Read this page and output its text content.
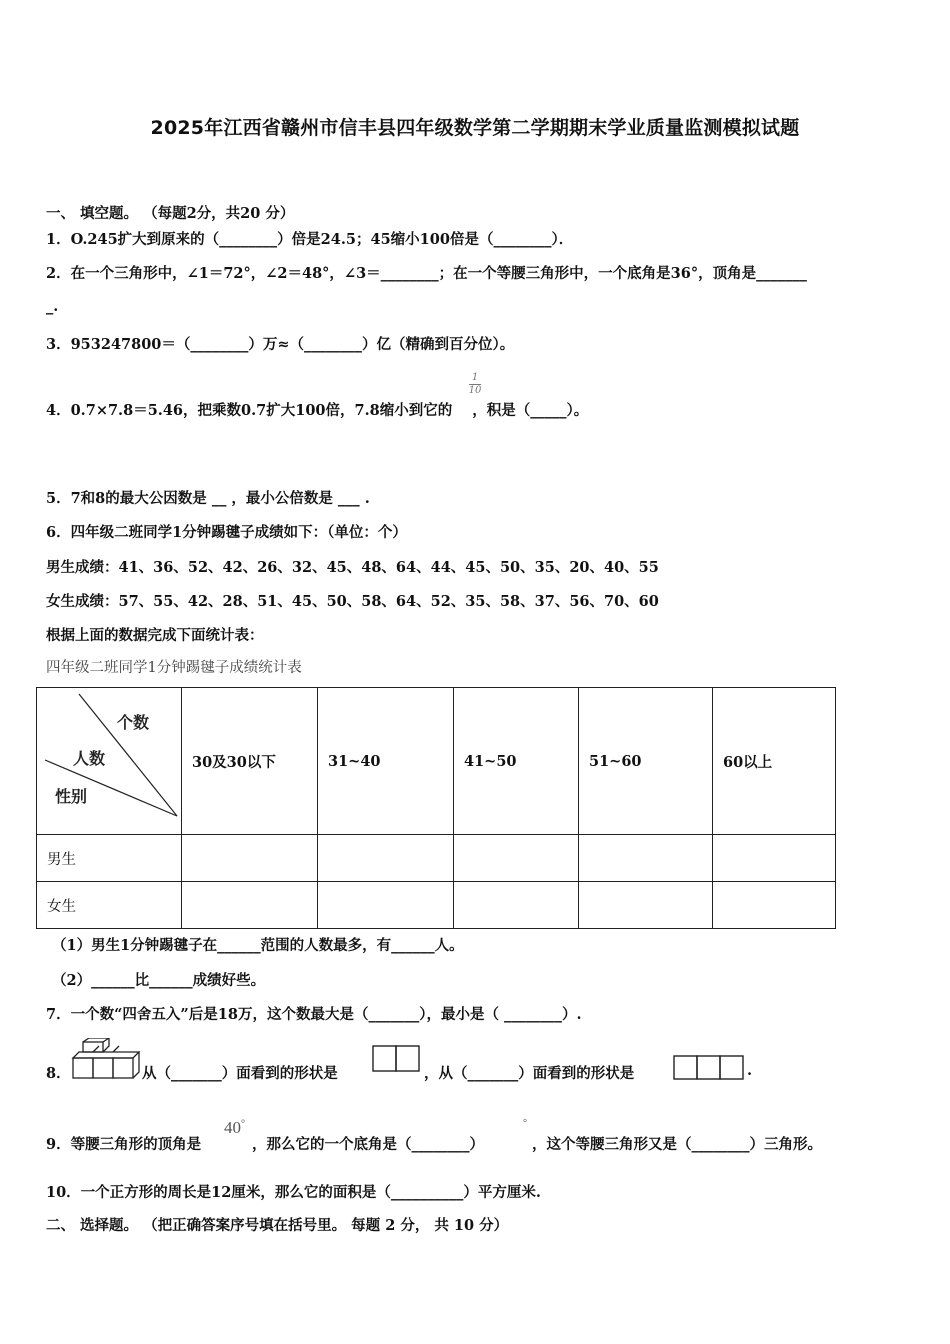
2025年江西省赣州市信丰县四年级数学第二学期期末学业质量监测模拟试题
一、 填空题。 （每题2分，共20 分）
1．O.245扩大到原来的（________）倍是24.5；45缩小100倍是（________）．
2．在一个三角形中，∠1＝72°，∠2＝48°，∠3＝________；在一个等腰三角形中，一个底角是36°，顶角是_______
_.
3．953247800＝（________）万≈（________）亿（精确到百分位）。
4．0.7×7.8＝5.46，把乘数0.7扩大100倍，7.8缩小到它的 ，积是（_____）。
1
10
5．7和8的最大公因数是 __ ，最小公倍数是 ___ .
6．四年级二班同学1分钟踢毽子成绩如下：（单位：个）
男生成绩：41、36、52、42、26、32、45、48、64、44、45、50、35、20、40、55
女生成绩：57、55、42、28、51、45、50、58、64、52、35、58、37、56、70、60
根据上面的数据完成下面统计表：
四年级二班同学1分钟踢毽子成绩统计表
个数
人数
性别	30及30以下	31~40	41~50	51~60	60以上
男生					
女生					
（1）男生1分钟踢毽子在______范围的人数最多，有______人。
（2）______比______成绩好些。
7．一个数“四舍五入”后是18万，这个数最大是（_______），最小是（ ________）.
8．	从（_______）面看到的形状是	，从（_______）面看到的形状是	.
9．等腰三角形的顶角是
40°
，那么它的一个底角是（________）
°
，这个等腰三角形又是（________）三角形。
10．一个正方形的周长是12厘米，那么它的面积是（__________）平方厘米.
二、 选择题。 （把正确答案序号填在括号里。 每题 2 分， 共 10 分）
